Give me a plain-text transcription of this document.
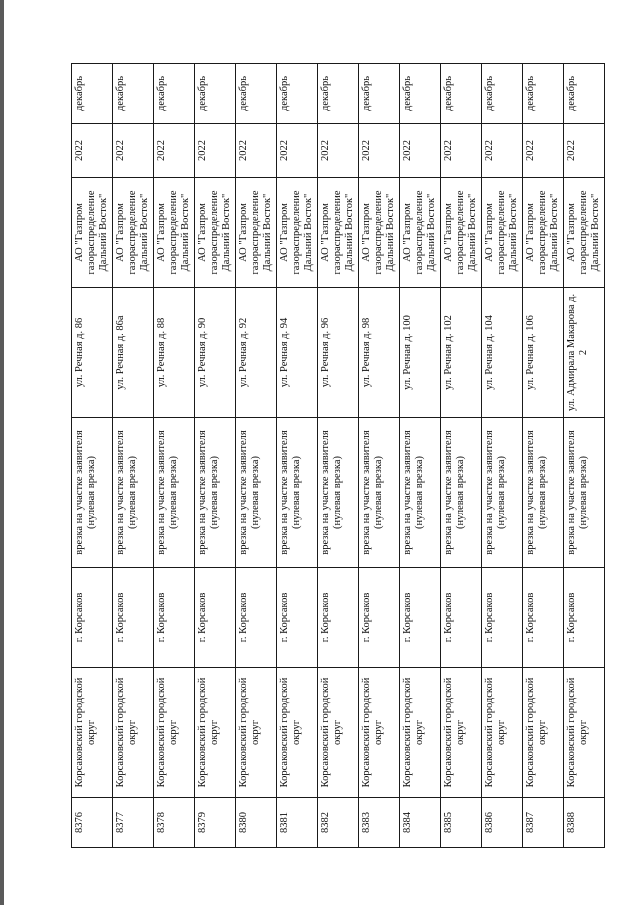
8376	Корсаковский городской округ	г. Корсаков	врезка на участке заявителя (нулевая врезка)	ул. Речная д. 86	АО "Газпром газораспределение Дальний Восток"	2022	декабрь
8377	Корсаковский городской округ	г. Корсаков	врезка на участке заявителя (нулевая врезка)	ул. Речная д. 86а	АО "Газпром газораспределение Дальний Восток"	2022	декабрь
8378	Корсаковский городской округ	г. Корсаков	врезка на участке заявителя (нулевая врезка)	ул. Речная д. 88	АО "Газпром газораспределение Дальний Восток"	2022	декабрь
8379	Корсаковский городской округ	г. Корсаков	врезка на участке заявителя (нулевая врезка)	ул. Речная д. 90	АО "Газпром газораспределение Дальний Восток"	2022	декабрь
8380	Корсаковский городской округ	г. Корсаков	врезка на участке заявителя (нулевая врезка)	ул. Речная д. 92	АО "Газпром газораспределение Дальний Восток"	2022	декабрь
8381	Корсаковский городской округ	г. Корсаков	врезка на участке заявителя (нулевая врезка)	ул. Речная д. 94	АО "Газпром газораспределение Дальний Восток"	2022	декабрь
8382	Корсаковский городской округ	г. Корсаков	врезка на участке заявителя (нулевая врезка)	ул. Речная д. 96	АО "Газпром газораспределение Дальний Восток"	2022	декабрь
8383	Корсаковский городской округ	г. Корсаков	врезка на участке заявителя (нулевая врезка)	ул. Речная д. 98	АО "Газпром газораспределение Дальний Восток"	2022	декабрь
8384	Корсаковский городской округ	г. Корсаков	врезка на участке заявителя (нулевая врезка)	ул. Речная д. 100	АО "Газпром газораспределение Дальний Восток"	2022	декабрь
8385	Корсаковский городской округ	г. Корсаков	врезка на участке заявителя (нулевая врезка)	ул. Речная д. 102	АО "Газпром газораспределение Дальний Восток"	2022	декабрь
8386	Корсаковский городской округ	г. Корсаков	врезка на участке заявителя (нулевая врезка)	ул. Речная д. 104	АО "Газпром газораспределение Дальний Восток"	2022	декабрь
8387	Корсаковский городской округ	г. Корсаков	врезка на участке заявителя (нулевая врезка)	ул. Речная д. 106	АО "Газпром газораспределение Дальний Восток"	2022	декабрь
8388	Корсаковский городской округ	г. Корсаков	врезка на участке заявителя (нулевая врезка)	ул. Адмирала Макарова д. 2	АО "Газпром газораспределение Дальний Восток"	2022	декабрь
